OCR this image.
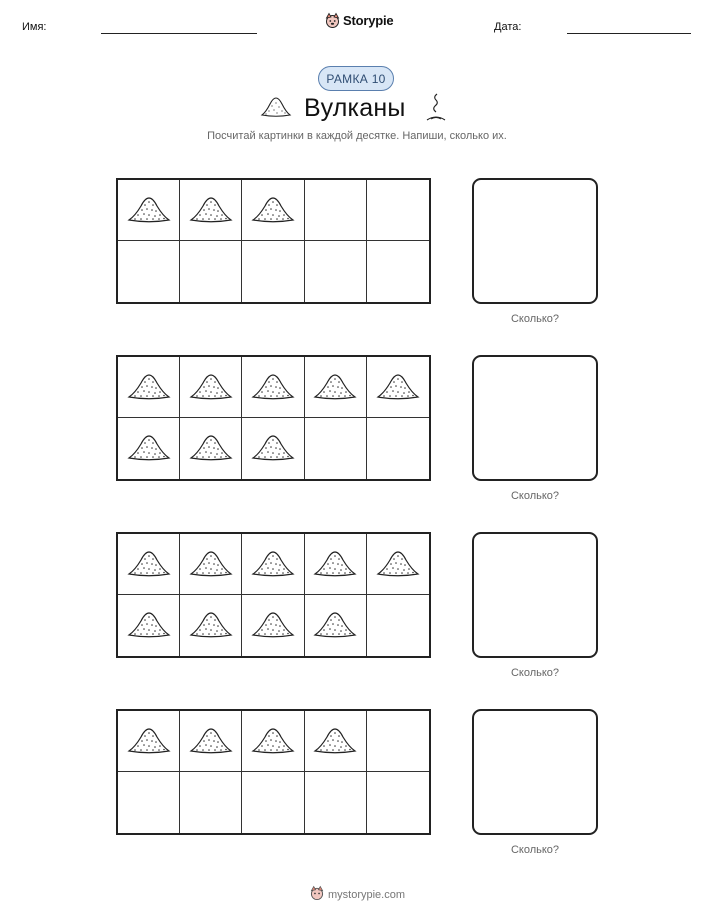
Имя:	Storypie	Дата:
РАМКА 10
Вулканы
Посчитай картинки в каждой десятке. Напиши, сколько их.
Сколько?
Сколько?
Сколько?
Сколько?
mystorypie.com
